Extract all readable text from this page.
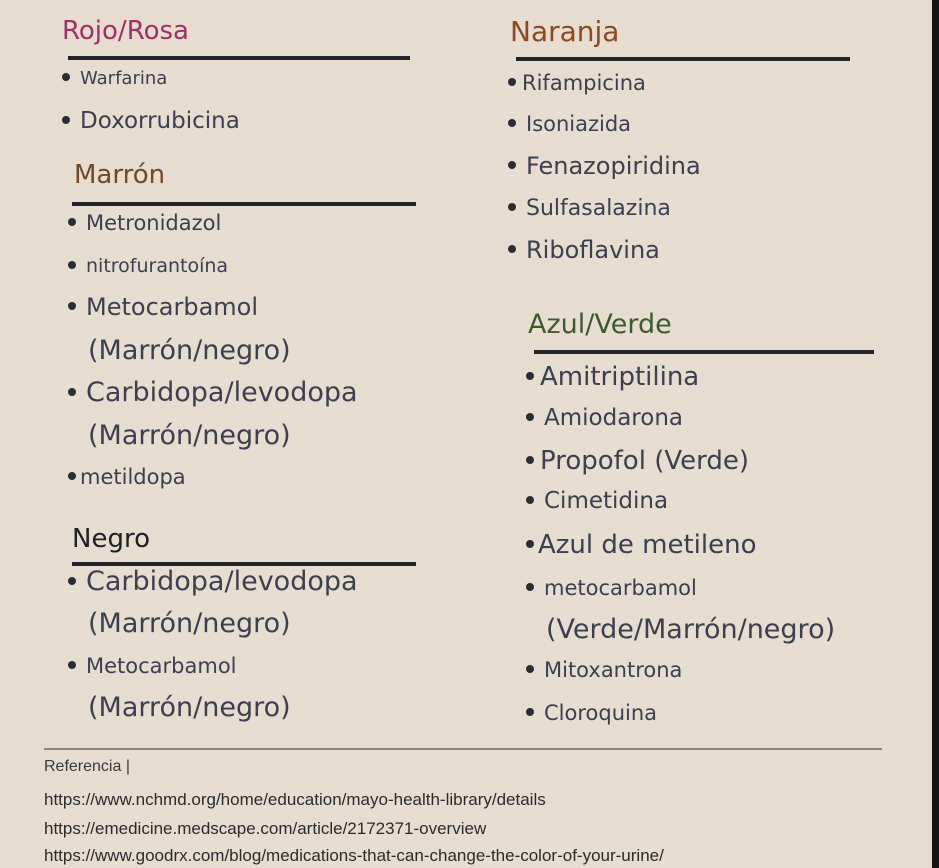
Rojo/Rosa
Warfarina
Doxorrubicina
Marrón
Metronidazol
nitrofurantoína
Metocarbamol
(Marrón/negro)
Carbidopa/levodopa
(Marrón/negro)
metildopa
Negro
Carbidopa/levodopa
(Marrón/negro)
Metocarbamol
(Marrón/negro)
Naranja
Rifampicina
Isoniazida
Fenazopiridina
Sulfasalazina
Riboflavina
Azul/Verde
Amitriptilina
Amiodarona
Propofol (Verde)
Cimetidina
Azul de metileno
metocarbamol
(Verde/Marrón/negro)
Mitoxantrona
Cloroquina
Referencia |
https://www.nchmd.org/home/education/mayo-health-library/details
https://emedicine.medscape.com/article/2172371-overview
https://www.goodrx.com/blog/medications-that-can-change-the-color-of-your-urine/
